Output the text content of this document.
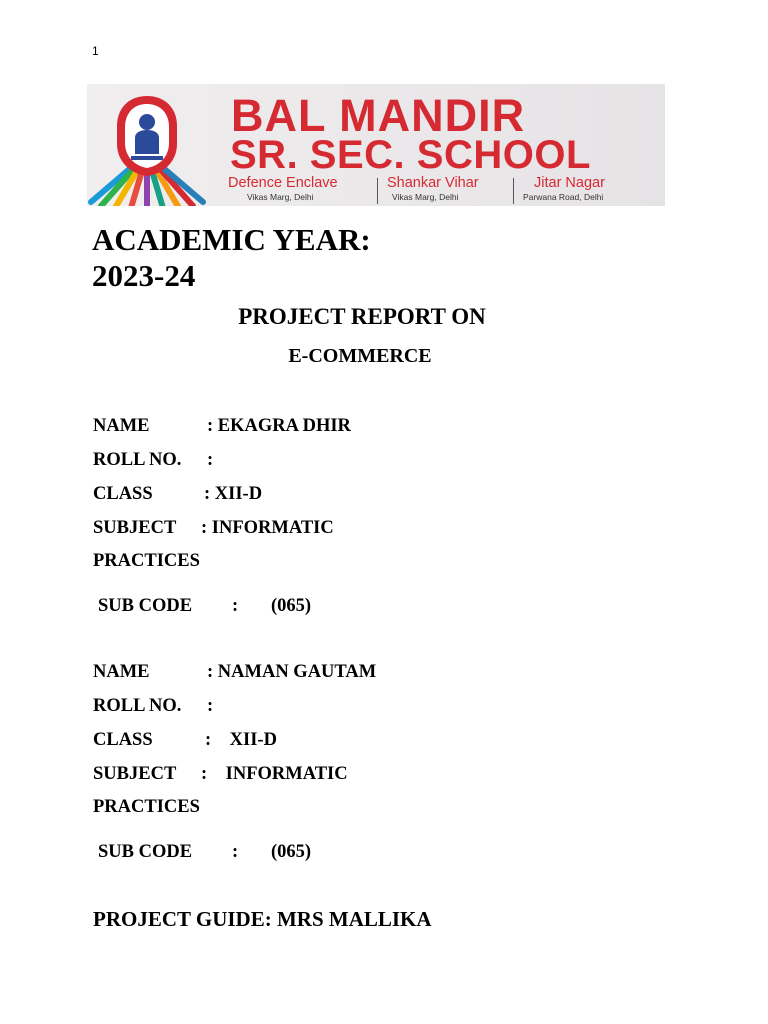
1
BAL MANDIR
SR. SEC. SCHOOL
Defence Enclave
Vikas Marg, Delhi
Shankar Vihar
Vikas Marg, Delhi
Jitar Nagar
Parwana Road, Delhi
ACADEMIC YEAR:
2023-24
PROJECT REPORT ON
E-COMMERCE
NAME	: EKAGRA DHIR
ROLL NO. :
CLASS	: XII-D
SUBJECT : INFORMATIC
PRACTICES
SUB CODE : (065)
NAME	: NAMAN GAUTAM
ROLL NO. :
CLASS	:    XII-D
SUBJECT :    INFORMATIC
PRACTICES
SUB CODE : (065)
PROJECT GUIDE: MRS MALLIKA
